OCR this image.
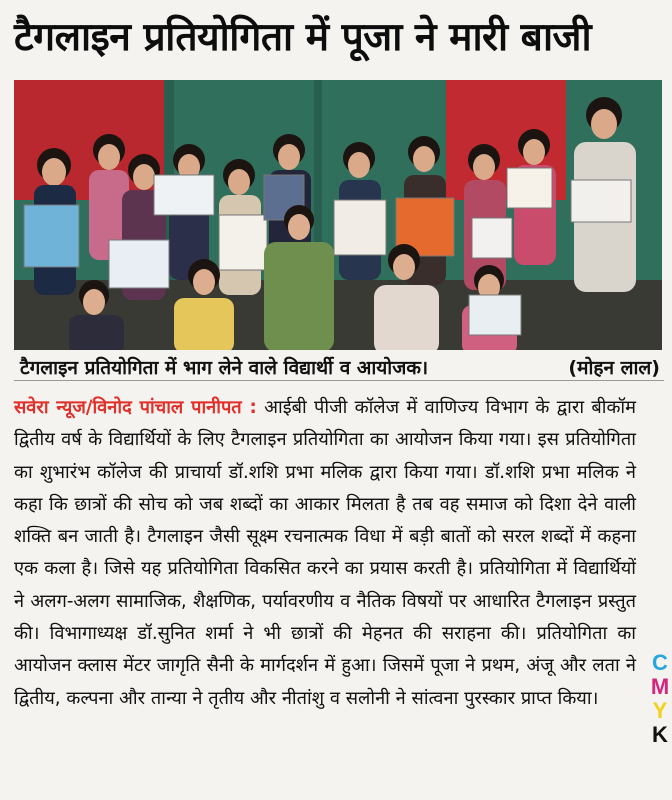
टैगलाइन प्रतियोगिता में पूजा ने मारी बाजी
टैगलाइन प्रतियोगिता में भाग लेने वाले विद्यार्थी व आयोजक।	(मोहन लाल)
सवेरा न्यूज/विनोद पांचाल पानीपत : आईबी पीजी कॉलेज में वाणिज्य विभाग के द्वारा बीकॉम द्वितीय वर्ष के विद्यार्थियों के लिए टैगलाइन प्रतियोगिता का आयोजन किया गया। इस प्रतियोगिता का शुभारंभ कॉलेज की प्राचार्या डॉ.शशि प्रभा मलिक द्वारा किया गया। डॉ.शशि प्रभा मलिक ने कहा कि छात्रों की सोच को जब शब्दों का आकार मिलता है तब वह समाज को दिशा देने वाली शक्ति बन जाती है। टैगलाइन जैसी सूक्ष्म रचनात्मक विधा में बड़ी बातों को सरल शब्दों में कहना एक कला है। जिसे यह प्रतियोगिता विकसित करने का प्रयास करती है। प्रतियोगिता में विद्यार्थियों ने अलग-अलग सामाजिक, शैक्षणिक, पर्यावरणीय व नैतिक विषयों पर आधारित टैगलाइन प्रस्तुत की। विभागाध्यक्ष डॉ.सुनित शर्मा ने भी छात्रों की मेहनत की सराहना की। प्रतियोगिता का आयोजन क्लास मेंटर जागृति सैनी के मार्गदर्शन में हुआ। जिसमें पूजा ने प्रथम, अंजू और लता ने द्वितीय, कल्पना और तान्या ने तृतीय और नीतांशु व सलोनी ने सांत्वना पुरस्कार प्राप्त किया।
C
M
Y
K
